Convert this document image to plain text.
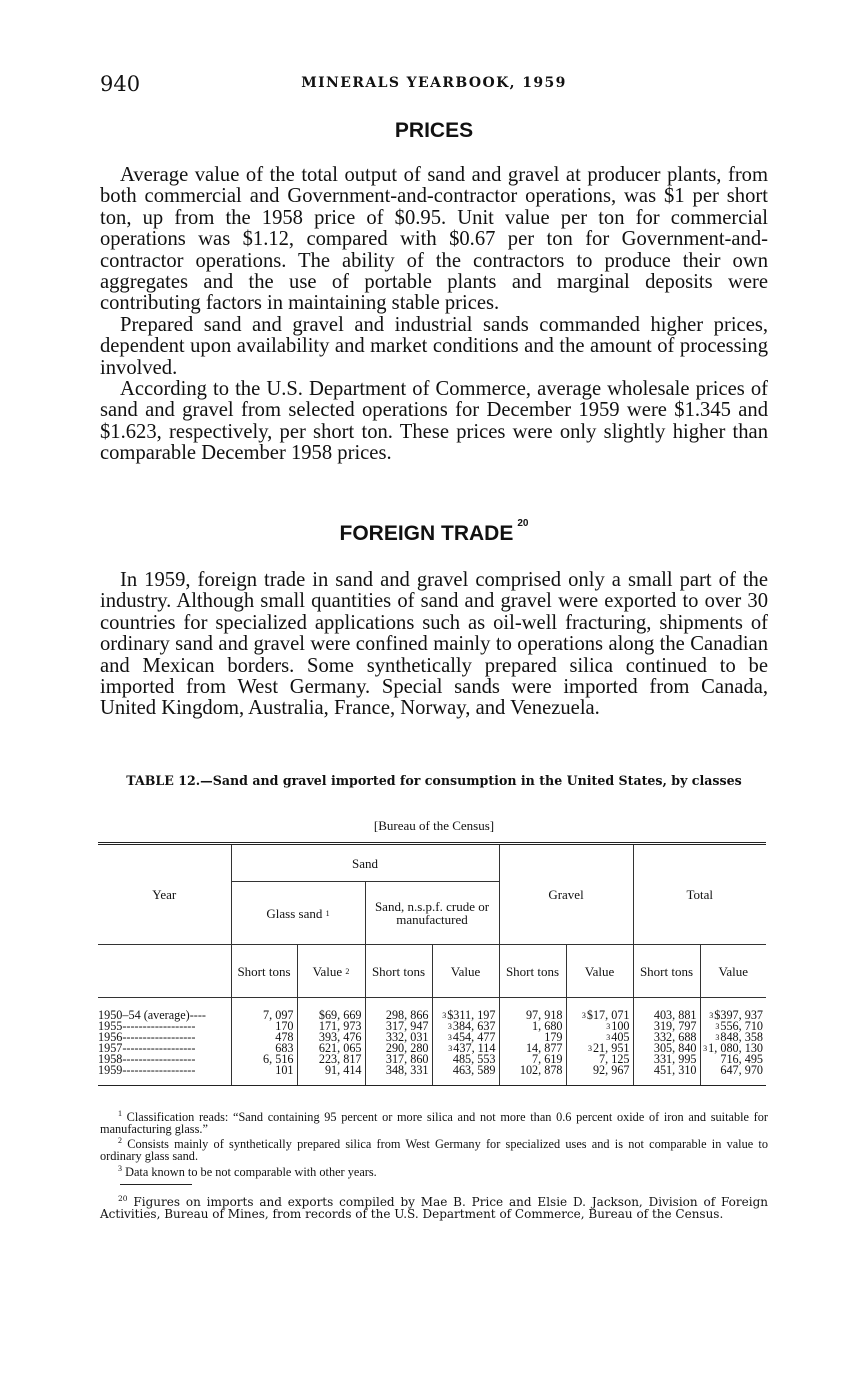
940	MINERALS YEARBOOK, 1959
PRICES

Average value of the total output of sand and gravel at producer plants, from both commercial and Government-and-contractor operations, was $1 per short ton, up from the 1958 price of $0.95. Unit value per ton for commercial operations was $1.12, compared with $0.67 per ton for Government-and-contractor operations. The ability of the contractors to produce their own aggregates and the use of portable plants and marginal deposits were contributing factors in maintaining stable prices.

Prepared sand and gravel and industrial sands commanded higher prices, dependent upon availability and market conditions and the amount of processing involved.

According to the U.S. Department of Commerce, average wholesale prices of sand and gravel from selected operations for December 1959 were $1.345 and $1.623, respectively, per short ton. These prices were only slightly higher than comparable December 1958 prices.

FOREIGN TRADE $^{20}$

In 1959, foreign trade in sand and gravel comprised only a small part of the industry. Although small quantities of sand and gravel were exported to over 30 countries for specialized applications such as oil-well fracturing, shipments of ordinary sand and gravel were confined mainly to operations along the Canadian and Mexican borders. Some synthetically prepared silica continued to be imported from West Germany. Special sands were imported from Canada, United Kingdom, Australia, France, Norway, and Venezuela.

TABLE 12.—Sand and gravel imported for consumption in the United States, by classes
[Bureau of the Census]
Year	Sand				Gravel		Total	
	Glass sand $^1$		Sand, n.s.p.f. crude or manufactured					
	Short tons	Value $^2$	Short tons	Value	Short tons	Value	Short tons	Value
1950–54 (average)----	7, 097	$69, 669	298, 866	$^3$\$311, 197	97, 918	$^3$\$17, 071	403, 881	$^3$\$397, 937
1955------------------	170	171, 973	317, 947	$^3$384, 637	1, 680	$^3$100	319, 797	$^3$556, 710
1956------------------	478	393, 476	332, 031	$^3$454, 477	179	$^3$405	332, 688	$^3$848, 358
1957------------------	683	621, 065	290, 280	$^3$437, 114	14, 877	$^3$21, 951	305, 840	$^3$1, 080, 130
1958------------------	6, 516	223, 817	317, 860	485, 553	7, 619	7, 125	331, 995	716, 495
1959------------------	101	91, 414	348, 331	463, 589	102, 878	92, 967	451, 310	647, 970

$^1$ Classification reads: “Sand containing 95 percent or more silica and not more than 0.6 percent oxide of iron and suitable for manufacturing glass.”

$^2$ Consists mainly of synthetically prepared silica from West Germany for specialized uses and is not comparable in value to ordinary glass sand.

$^3$ Data known to be not comparable with other years.

$^{20}$ Figures on imports and exports compiled by Mae B. Price and Elsie D. Jackson, Division of Foreign Activities, Bureau of Mines, from records of the U.S. Department of Commerce, Bureau of the Census.
